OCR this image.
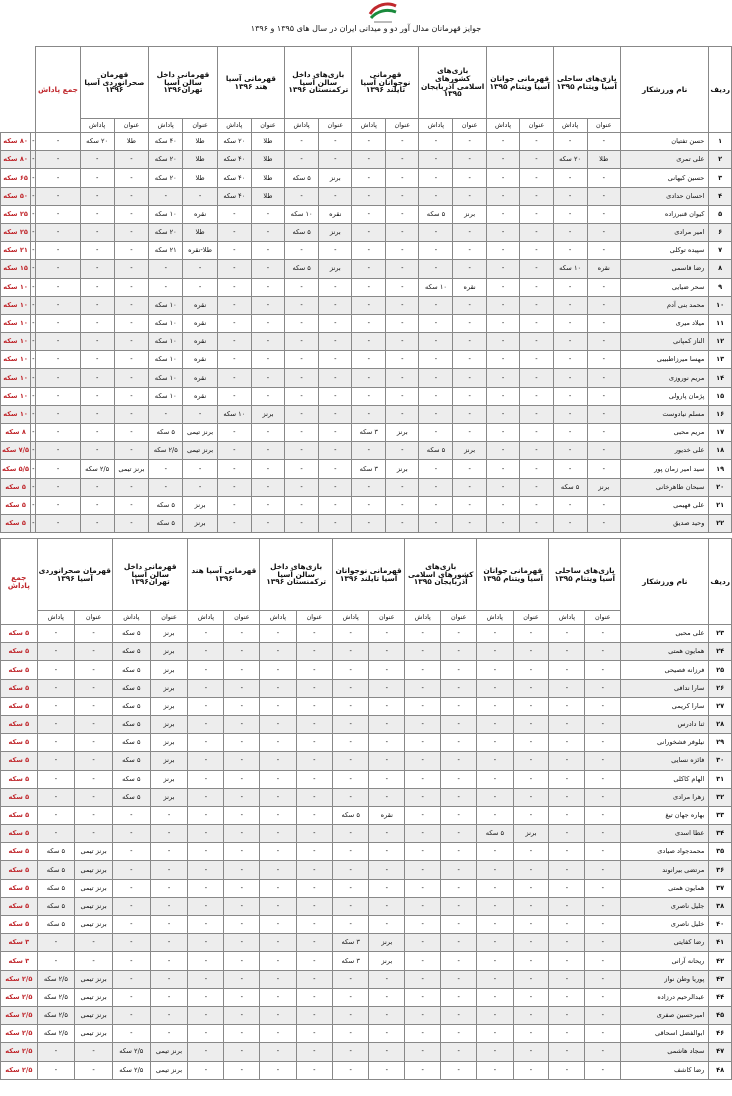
جوایز قهرمانان مدال آور دو و میدانی ایران در سال های ۱۳۹۵ و ۱۳۹۶
ردیف	نام ورزشکار	بازی‌های ساحلی آسیا ویتنام ۱۳۹۵		قهرمانی جوانان آسیا ویتنام ۱۳۹۵		بازی‌های کشورهای اسلامی آذربایجان ۱۳۹۵		قهرمانی نوجوانان آسیا تایلند ۱۳۹۶		بازی‌های داخل سالن آسیا ترکمنستان ۱۳۹۶		قهرمانی آسیا هند ۱۳۹۶		قهرمانی داخل سالن آسیا تهران۱۳۹۶		قهرمان صحرانوردی آسیا ۱۳۹۶		جمع پاداش		
		عنوان	پاداش	عنوان	پاداش	عنوان	پاداش	عنوان	پاداش	عنوان	پاداش	عنوان	پاداش	عنوان	پاداش	عنوان	پاداش			
۱	حسن تفتیان	-	-	-	-	-	-	-	-	-	-	طلا	۲۰ سکه	طلا	۴۰ سکه	طلا	۲۰ سکه	-	-	۸۰ سکه
۲	علی تمری	طلا	۲۰ سکه	-	-	-	-	-	-	-	-	طلا	۴۰ سکه	طلا	۲۰ سکه	-	-	-	-	۸۰ سکه
۳	حسین کیهانی	-	-	-	-	-	-	-	-	برنز	۵ سکه	طلا	۴۰ سکه	طلا	۲۰ سکه	-	-	-	-	۶۵ سکه
۴	احسان حدادی	-	-	-	-	-	-	-	-	-	-	طلا	۴۰ سکه	-	-	-	-	-	-	۵۰ سکه
۵	کیوان قنبرزاده	-	-	-	-	برنز	۵ سکه	-	-	نقره	۱۰ سکه	-	-	نقره	۱۰ سکه	-	-	-	-	۲۵ سکه
۶	امیر مرادی	-	-	-	-	-	-	-	-	برنز	۵ سکه	-	-	طلا	۲۰ سکه	-	-	-	-	۲۵ سکه
۷	سپیده توکلی	-	-	-	-	-	-	-	-	-	-	-	-	طلا-نقره	۲۱ سکه	-	-	-	-	۲۱ سکه
۸	رضا قاسمی	نقره	۱۰ سکه	-	-	-	-	-	-	برنز	۵ سکه	-	-	-	-	-	-	-	-	۱۵ سکه
۹	سحر ضیایی	-	-	-	-	نقره	۱۰ سکه	-	-	-	-	-	-	-	-	-	-	-	-	۱۰ سکه
۱۰	محمد بنی آدم	-	-	-	-	-	-	-	-	-	-	-	-	نقره	۱۰ سکه	-	-	-	-	۱۰ سکه
۱۱	میلاد میری	-	-	-	-	-	-	-	-	-	-	-	-	نقره	۱۰ سکه	-	-	-	-	۱۰ سکه
۱۲	الناز کمپانی	-	-	-	-	-	-	-	-	-	-	-	-	نقره	۱۰ سکه	-	-	-	-	۱۰ سکه
۱۳	مهسا میرزاطبیبی	-	-	-	-	-	-	-	-	-	-	-	-	نقره	۱۰ سکه	-	-	-	-	۱۰ سکه
۱۴	مریم نوروزی	-	-	-	-	-	-	-	-	-	-	-	-	نقره	۱۰ سکه	-	-	-	-	۱۰ سکه
۱۵	پژمان پارولی	-	-	-	-	-	-	-	-	-	-	-	-	نقره	۱۰ سکه	-	-	-	-	۱۰ سکه
۱۶	مسلم نیادوست	-	-	-	-	-	-	-	-	-	-	برنز	۱۰ سکه	-	-	-	-	-	-	۱۰ سکه
۱۷	مریم محبی	-	-	-	-	-	-	برنز	۳ سکه	-	-	-	-	برنز تیمی	۵ سکه	-	-	-	-	۸ سکه
۱۸	علی خدیور	-	-	-	-	برنز	۵ سکه	-	-	-	-	-	-	برنز تیمی	۲/۵ سکه	-	-	-	-	۷/۵ سکه
۱۹	سید امیر زمان پور	-	-	-	-	-	-	برنز	۳ سکه	-	-	-	-	-	-	برنز تیمی	۲/۵ سکه	-	-	۵/۵ سکه
۲۰	سبحان طاهرخانی	برنز	۵ سکه	-	-	-	-	-	-	-	-	-	-	-	-	-	-	-	-	۵ سکه
۲۱	علی فهیمی	-	-	-	-	-	-	-	-	-	-	-	-	برنز	۵ سکه	-	-	-	-	۵ سکه
۲۲	وحید صدیق	-	-	-	-	-	-	-	-	-	-	-	-	برنز	۵ سکه	-	-	-	-	۵ سکه
ردیف	نام ورزشکار	بازی‌های ساحلی آسیا ویتنام ۱۳۹۵		قهرمانی جوانان آسیا ویتنام ۱۳۹۵		بازی‌های کشورهای اسلامی آذربایجان ۱۳۹۵		قهرمانی نوجوانان آسیا تایلند ۱۳۹۶		بازی‌های داخل سالن آسیا ترکمنستان ۱۳۹۶		قهرمانی آسیا هند ۱۳۹۶		قهرمانی داخل سالن آسیا تهران۱۳۹۶		قهرمان صحرانوردی آسیا ۱۳۹۶		جمع پاداش
		عنوان	پاداش	عنوان	پاداش	عنوان	پاداش	عنوان	پاداش	عنوان	پاداش	عنوان	پاداش	عنوان	پاداش	عنوان	پاداش	
۲۳	علی محبی	-	-	-	-	-	-	-	-	-	-	-	-	برنز	۵ سکه	-	-	۵ سکه
۲۴	همایون همتی	-	-	-	-	-	-	-	-	-	-	-	-	برنز	۵ سکه	-	-	۵ سکه
۲۵	فرزانه فصیحی	-	-	-	-	-	-	-	-	-	-	-	-	برنز	۵ سکه	-	-	۵ سکه
۲۶	سارا ندافی	-	-	-	-	-	-	-	-	-	-	-	-	برنز	۵ سکه	-	-	۵ سکه
۲۷	سارا کریمی	-	-	-	-	-	-	-	-	-	-	-	-	برنز	۵ سکه	-	-	۵ سکه
۲۸	ثنا دادرس	-	-	-	-	-	-	-	-	-	-	-	-	برنز	۵ سکه	-	-	۵ سکه
۲۹	نیلوفر فشخورانی	-	-	-	-	-	-	-	-	-	-	-	-	برنز	۵ سکه	-	-	۵ سکه
۳۰	فائزه نسایی	-	-	-	-	-	-	-	-	-	-	-	-	برنز	۵ سکه	-	-	۵ سکه
۳۱	الهام کاکلی	-	-	-	-	-	-	-	-	-	-	-	-	برنز	۵ سکه	-	-	۵ سکه
۳۲	زهرا مرادی	-	-	-	-	-	-	-	-	-	-	-	-	برنز	۵ سکه	-	-	۵ سکه
۳۳	بهاره جهان تیغ	-	-	-	-	-	-	نقره	۵ سکه	-	-	-	-	-	-	-	-	۵ سکه
۳۴	عطا اسدی	-	-	برنز	۵ سکه	-	-	-	-	-	-	-	-	-	-	-	-	۵ سکه
۳۵	محمدجواد صیادی	-	-	-	-	-	-	-	-	-	-	-	-	-	-	برنز تیمی	۵ سکه	۵ سکه
۳۶	مرتضی بیرانوند	-	-	-	-	-	-	-	-	-	-	-	-	-	-	برنز تیمی	۵ سکه	۵ سکه
۳۷	همایون همتی	-	-	-	-	-	-	-	-	-	-	-	-	-	-	برنز تیمی	۵ سکه	۵ سکه
۳۸	جلیل ناصری	-	-	-	-	-	-	-	-	-	-	-	-	-	-	برنز تیمی	۵ سکه	۵ سکه
۴۰	خلیل ناصری	-	-	-	-	-	-	-	-	-	-	-	-	-	-	برنز تیمی	۵ سکه	۵ سکه
۴۱	رضا کفایتی	-	-	-	-	-	-	برنز	۳ سکه	-	-	-	-	-	-	-	-	۳ سکه
۴۲	ریحانه آرانی	-	-	-	-	-	-	برنز	۳ سکه	-	-	-	-	-	-	-	-	۳ سکه
۴۳	پوریا وطن نواز	-	-	-	-	-	-	-	-	-	-	-	-	-	-	برنز تیمی	۲/۵ سکه	۲/۵ سکه
۴۴	عبدالرحیم درزاده	-	-	-	-	-	-	-	-	-	-	-	-	-	-	برنز تیمی	۲/۵ سکه	۲/۵ سکه
۴۵	امیرحسین صفری	-	-	-	-	-	-	-	-	-	-	-	-	-	-	برنز تیمی	۲/۵ سکه	۲/۵ سکه
۴۶	ابوالفضل اسحاقی	-	-	-	-	-	-	-	-	-	-	-	-	-	-	برنز تیمی	۲/۵ سکه	۲/۵ سکه
۴۷	سجاد هاشمی	-	-	-	-	-	-	-	-	-	-	-	-	برنز تیمی	۲/۵ سکه	-	-	۲/۵ سکه
۴۸	رضا کاشف	-	-	-	-	-	-	-	-	-	-	-	-	برنز تیمی	۲/۵ سکه	-	-	۲/۵ سکه
